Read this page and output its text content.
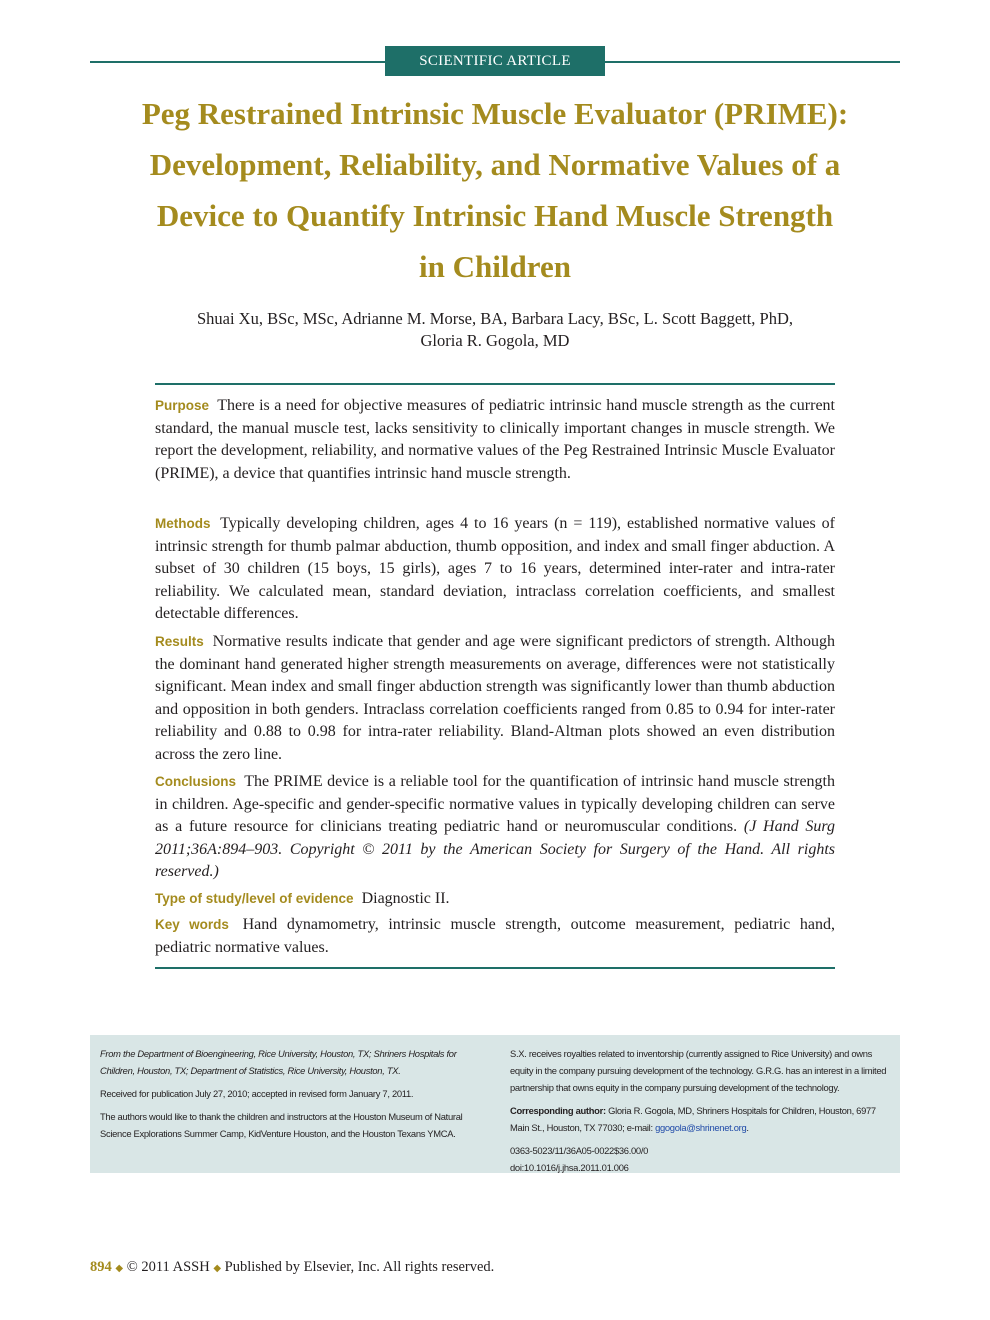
SCIENTIFIC ARTICLE
Peg Restrained Intrinsic Muscle Evaluator (PRIME):
Development, Reliability, and Normative Values of a
Device to Quantify Intrinsic Hand Muscle Strength
in Children
Shuai Xu, BSc, MSc, Adrianne M. Morse, BA, Barbara Lacy, BSc, L. Scott Baggett, PhD,
Gloria R. Gogola, MD

Purpose There is a need for objective measures of pediatric intrinsic hand muscle strength as the current standard, the manual muscle test, lacks sensitivity to clinically important changes in muscle strength. We report the development, reliability, and normative values of the Peg Restrained Intrinsic Muscle Evaluator (PRIME), a device that quantifies intrinsic hand muscle strength.

Methods Typically developing children, ages 4 to 16 years (n = 119), established normative values of intrinsic strength for thumb palmar abduction, thumb opposition, and index and small finger abduction. A subset of 30 children (15 boys, 15 girls), ages 7 to 16 years, determined inter-rater and intra-rater reliability. We calculated mean, standard deviation, intraclass correlation coefficients, and smallest detectable differences.

Results Normative results indicate that gender and age were significant predictors of strength. Although the dominant hand generated higher strength measurements on average, differences were not statistically significant. Mean index and small finger abduction strength was significantly lower than thumb abduction and opposition in both genders. Intraclass correlation coefficients ranged from 0.85 to 0.94 for inter-rater reliability and 0.88 to 0.98 for intra-rater reliability. Bland-Altman plots showed an even distribution across the zero line.

Conclusions The PRIME device is a reliable tool for the quantification of intrinsic hand muscle strength in children. Age-specific and gender-specific normative values in typically developing children can serve as a future resource for clinicians treating pediatric hand or neuromuscular conditions. (J Hand Surg 2011;36A:894–903. Copyright © 2011 by the American Society for Surgery of the Hand. All rights reserved.)

Type of study/level of evidence Diagnostic II.

Key words Hand dynamometry, intrinsic muscle strength, outcome measurement, pediatric hand, pediatric normative values.

From the Department of Bioengineering, Rice University, Houston, TX; Shriners Hospitals for Children, Houston, TX; Department of Statistics, Rice University, Houston, TX.

Received for publication July 27, 2010; accepted in revised form January 7, 2011.

The authors would like to thank the children and instructors at the Houston Museum of Natural Science Explorations Summer Camp, KidVenture Houston, and the Houston Texans YMCA.

S.X. receives royalties related to inventorship (currently assigned to Rice University) and owns equity in the company pursuing development of the technology. G.R.G. has an interest in a limited partnership that owns equity in the company pursuing development of the technology.

Corresponding author: Gloria R. Gogola, MD, Shriners Hospitals for Children, Houston, 6977 Main St., Houston, TX 77030; e-mail: ggogola@shrinenet.org.

0363-5023/11/36A05-0022$36.00/0
doi:10.1016/j.jhsa.2011.01.006

894 ◆ © 2011 ASSH ◆ Published by Elsevier, Inc. All rights reserved.
